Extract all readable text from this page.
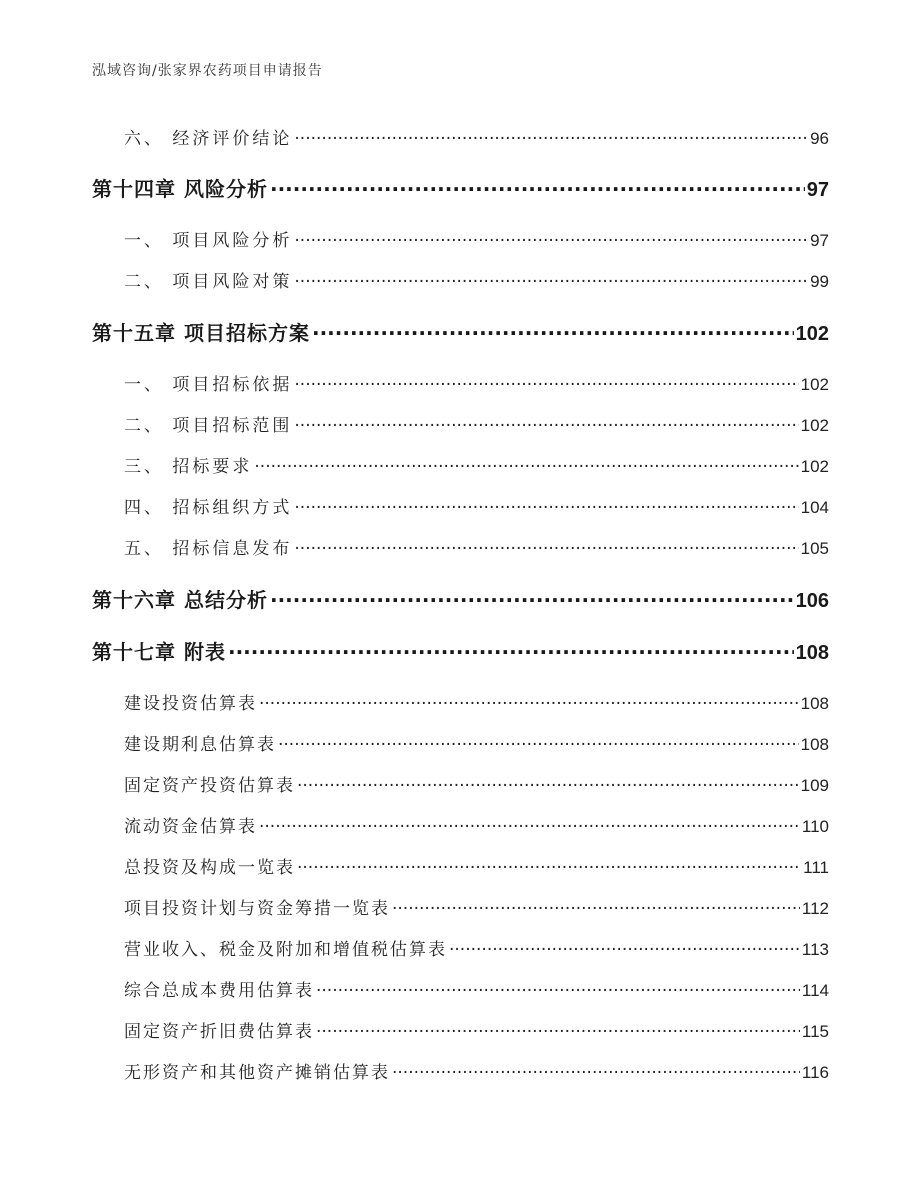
泓域咨询/张家界农药项目申请报告
六、 经济评价结论 .....	96
第十四章 风险分析 .....	97
一、 项目风险分析 .....	97
二、 项目风险对策 .....	99
第十五章 项目招标方案 .....	102
一、 项目招标依据 .....	102
二、 项目招标范围 .....	102
三、 招标要求 .....	102
四、 招标组织方式 .....	104
五、 招标信息发布 .....	105
第十六章 总结分析 .....	106
第十七章 附表 .....	108
建设投资估算表 .....	108
建设期利息估算表 .....	108
固定资产投资估算表 .....	109
流动资金估算表 .....	110
总投资及构成一览表 .....	111
项目投资计划与资金筹措一览表 .....	112
营业收入、税金及附加和增值税估算表 .....	113
综合总成本费用估算表 .....	114
固定资产折旧费估算表 .....	115
无形资产和其他资产摊销估算表 .....	116
